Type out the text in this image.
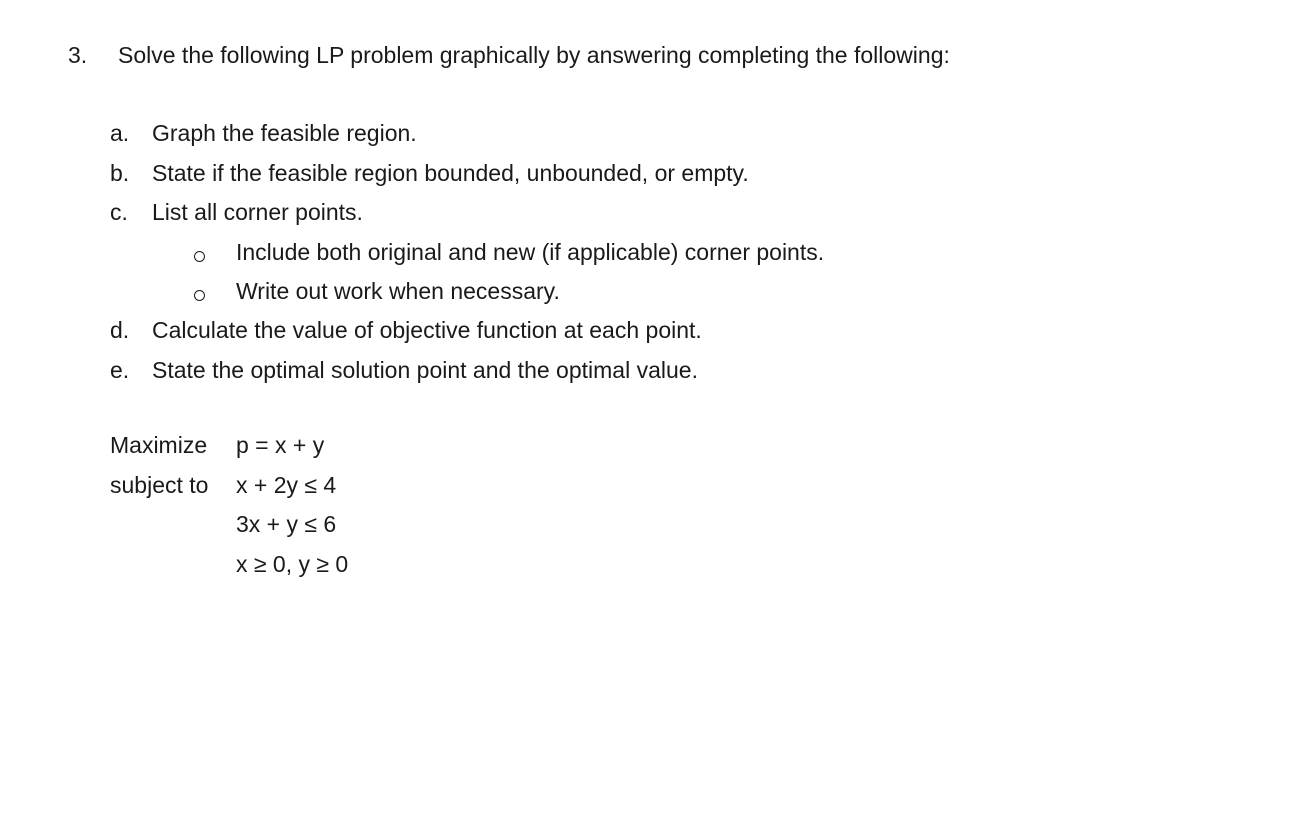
3. Solve the following LP problem graphically by answering completing the following:
a. Graph the feasible region.
b. State if the feasible region bounded, unbounded, or empty.
c. List all corner points.
Include both original and new (if applicable) corner points.
Write out work when necessary.
d. Calculate the value of objective function at each point.
e. State the optimal solution point and the optimal value.
Maximize p = x + y
subject to x + 2y ≤ 4
3x + y ≤ 6
x ≥ 0, y ≥ 0
